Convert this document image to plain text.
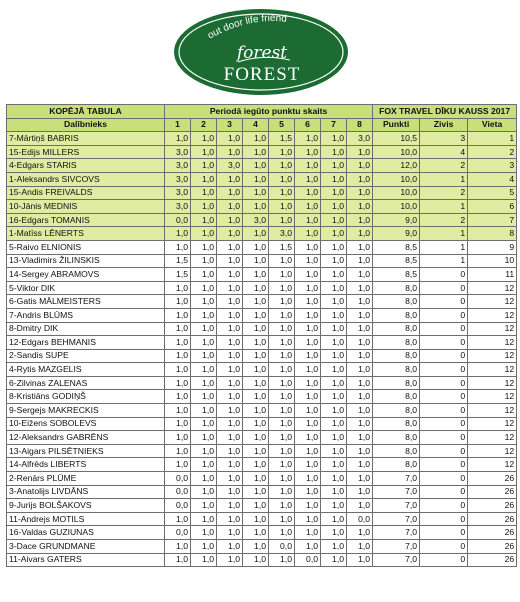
out door life friend
forest
FOREST
KOPĒJĀ TABULA	Periodā iegūto punktu skaits								FOX TRAVEL DĪKU KAUSS 2017		
Dalībnieks	1	2	3	4	5	6	7	8	Punkti	Zivis	Vieta
7-Mārtiņš BABRIS	1,0	1,0	1,0	1,0	1,5	1,0	1,0	3,0	10,5	3	1
15-Edijs MILLERS	3,0	1,0	1,0	1,0	1,0	1,0	1,0	1,0	10,0	4	2
4-Edgars STARIS	3,0	1,0	3,0	1,0	1,0	1,0	1,0	1,0	12,0	2	3
1-Aleksandrs SIVCOVS	3,0	1,0	1,0	1,0	1,0	1,0	1,0	1,0	10,0	1	4
15-Andis FREIVALDS	3,0	1,0	1,0	1,0	1,0	1,0	1,0	1,0	10,0	2	5
10-Jānis MEDNIS	3,0	1,0	1,0	1,0	1,0	1,0	1,0	1,0	10,0	1	6
16-Edgars TOMANIS	0,0	1,0	1,0	3,0	1,0	1,0	1,0	1,0	9,0	2	7
1-Matīss LĒNERTS	1,0	1,0	1,0	1,0	3,0	1,0	1,0	1,0	9,0	1	8
5-Raivo ELNIONIS	1,0	1,0	1,0	1,0	1,5	1,0	1,0	1,0	8,5	1	9
13-Vladimirs ŽILINSKIS	1,5	1,0	1,0	1,0	1,0	1,0	1,0	1,0	8,5	1	10
14-Sergey ABRAMOVS	1,5	1,0	1,0	1,0	1,0	1,0	1,0	1,0	8,5	0	11
5-Viktor DIK	1,0	1,0	1,0	1,0	1,0	1,0	1,0	1,0	8,0	0	12
6-Gatis MĀLMEISTERS	1,0	1,0	1,0	1,0	1,0	1,0	1,0	1,0	8,0	0	12
7-Andris BLŪMS	1,0	1,0	1,0	1,0	1,0	1,0	1,0	1,0	8,0	0	12
8-Dmitry DIK	1,0	1,0	1,0	1,0	1,0	1,0	1,0	1,0	8,0	0	12
12-Edgars BEHMANIS	1,0	1,0	1,0	1,0	1,0	1,0	1,0	1,0	8,0	0	12
2-Sandis SUPE	1,0	1,0	1,0	1,0	1,0	1,0	1,0	1,0	8,0	0	12
4-Rytis MAZGELIS	1,0	1,0	1,0	1,0	1,0	1,0	1,0	1,0	8,0	0	12
6-Zilvinas ZALENAS	1,0	1,0	1,0	1,0	1,0	1,0	1,0	1,0	8,0	0	12
8-Kristiāns GODIŅŠ	1,0	1,0	1,0	1,0	1,0	1,0	1,0	1,0	8,0	0	12
9-Sergejs MAKRECKIS	1,0	1,0	1,0	1,0	1,0	1,0	1,0	1,0	8,0	0	12
10-Eižens SOBOLEVS	1,0	1,0	1,0	1,0	1,0	1,0	1,0	1,0	8,0	0	12
12-Aleksandrs GABRĒNS	1,0	1,0	1,0	1,0	1,0	1,0	1,0	1,0	8,0	0	12
13-Aigars PILSĒTNIEKS	1,0	1,0	1,0	1,0	1,0	1,0	1,0	1,0	8,0	0	12
14-Alfrēds LIBERTS	1,0	1,0	1,0	1,0	1,0	1,0	1,0	1,0	8,0	0	12
2-Renārs PLŪME	0,0	1,0	1,0	1,0	1,0	1,0	1,0	1,0	7,0	0	26
3-Anatolijs LIVDĀNS	0,0	1,0	1,0	1,0	1,0	1,0	1,0	1,0	7,0	0	26
9-Jurijs BOLŠAKOVS	0,0	1,0	1,0	1,0	1,0	1,0	1,0	1,0	7,0	0	26
11-Andrejs MOTILS	1,0	1,0	1,0	1,0	1,0	1,0	1,0	0,0	7,0	0	26
16-Valdas GUZIUNAS	0,0	1,0	1,0	1,0	1,0	1,0	1,0	1,0	7,0	0	26
3-Dace GRUNDMANE	1,0	1,0	1,0	1,0	0,0	1,0	1,0	1,0	7,0	0	26
11-Aivars GATERS	1,0	1,0	1,0	1,0	1,0	0,0	1,0	1,0	7,0	0	26
